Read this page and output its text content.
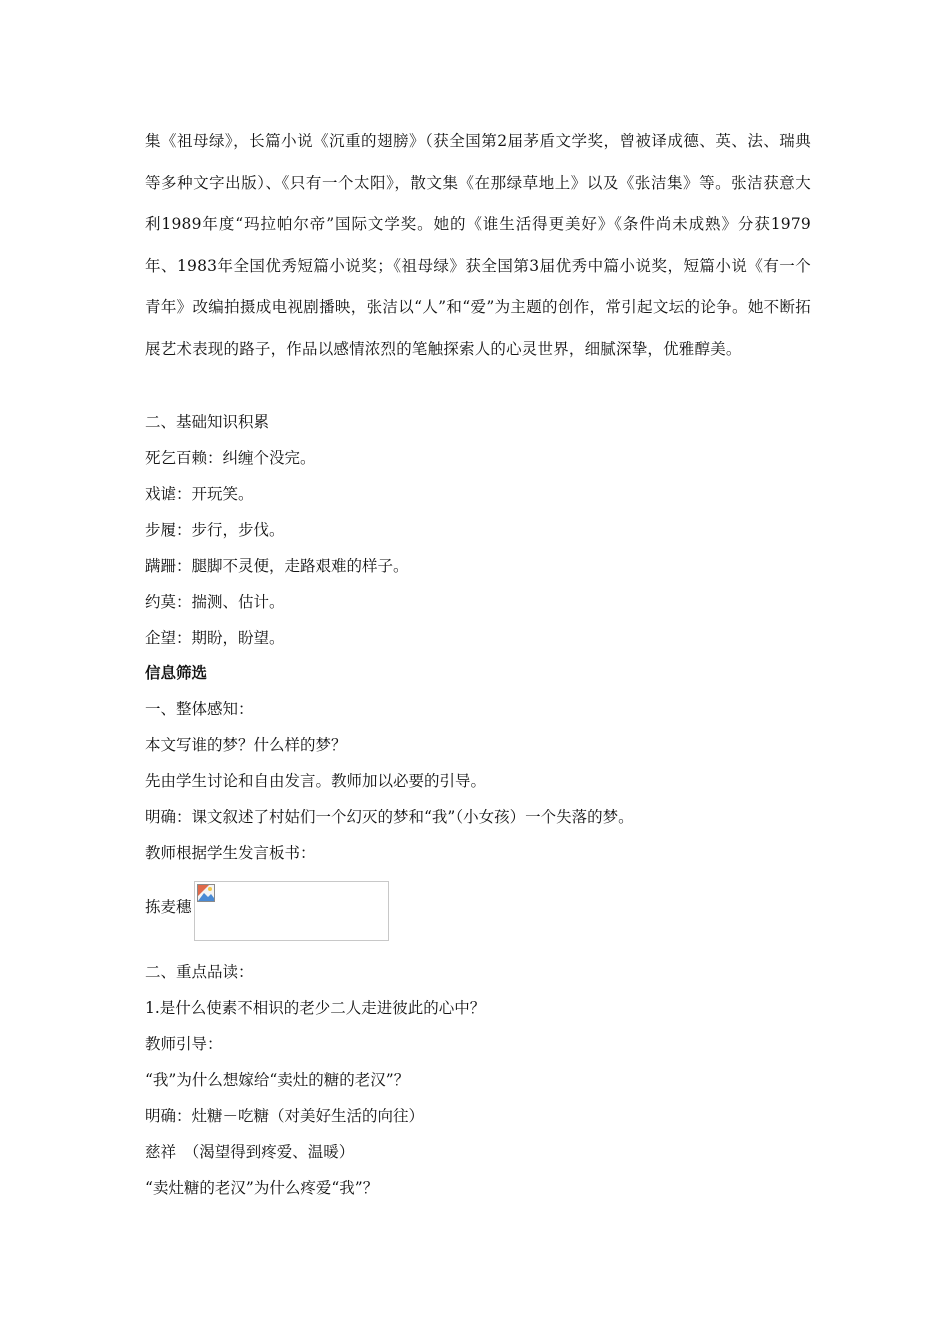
集《祖母绿》，长篇小说《沉重的翅膀》（获全国第2届茅盾文学奖，曾被译成德、英、法、瑞典等多种文字出版）、《只有一个太阳》，散文集《在那绿草地上》以及《张洁集》等。张洁获意大利1989年度“玛拉帕尔帝”国际文学奖。她的《谁生活得更美好》《条件尚未成熟》分获1979年、1983年全国优秀短篇小说奖；《祖母绿》获全国第3届优秀中篇小说奖，短篇小说《有一个青年》改编拍摄成电视剧播映，张洁以“人”和“爱”为主题的创作，常引起文坛的论争。她不断拓展艺术表现的路子，作品以感情浓烈的笔触探索人的心灵世界，细腻深挚，优雅醇美。

二、基础知识积累

死乞百赖：纠缠个没完。

戏谑：开玩笑。

步履：步行，步伐。

蹒跚：腿脚不灵便，走路艰难的样子。

约莫：揣测、估计。

企望：期盼，盼望。

信息筛选

一、整体感知：

本文写谁的梦？什么样的梦？

先由学生讨论和自由发言。教师加以必要的引导。

明确：课文叙述了村姑们一个幻灭的梦和“我”（小女孩）一个失落的梦。

教师根据学生发言板书：

拣麦穗

二、重点品读：

1.是什么使素不相识的老少二人走进彼此的心中？

教师引导：

“我”为什么想嫁给“卖灶的糖的老汉”？

明确：灶糖－吃糖（对美好生活的向往）

慈祥　（渴望得到疼爱、温暖）

“卖灶糖的老汉”为什么疼爱“我”？
